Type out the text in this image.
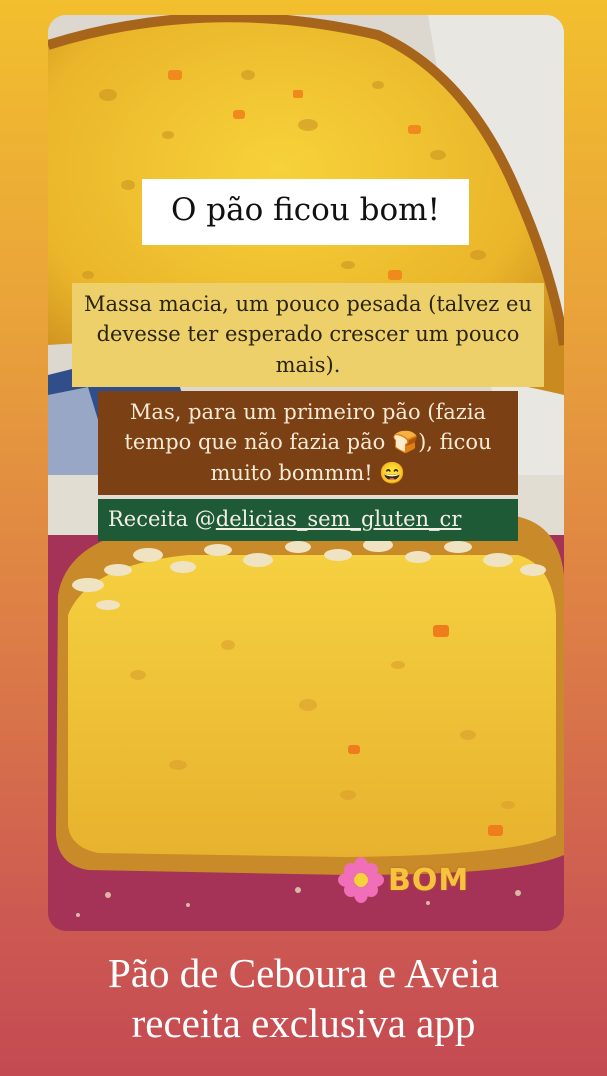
O pão ficou bom!
Massa macia, um pouco pesada (talvez eu devesse ter esperado crescer um pouco mais).
Mas, para um primeiro pão (fazia tempo que não fazia pão 🍞), ficou muito bommm! 😄
Receita @delicias_sem_gluten_cr
BOM
Pão de Ceboura e Aveia
receita exclusiva app
